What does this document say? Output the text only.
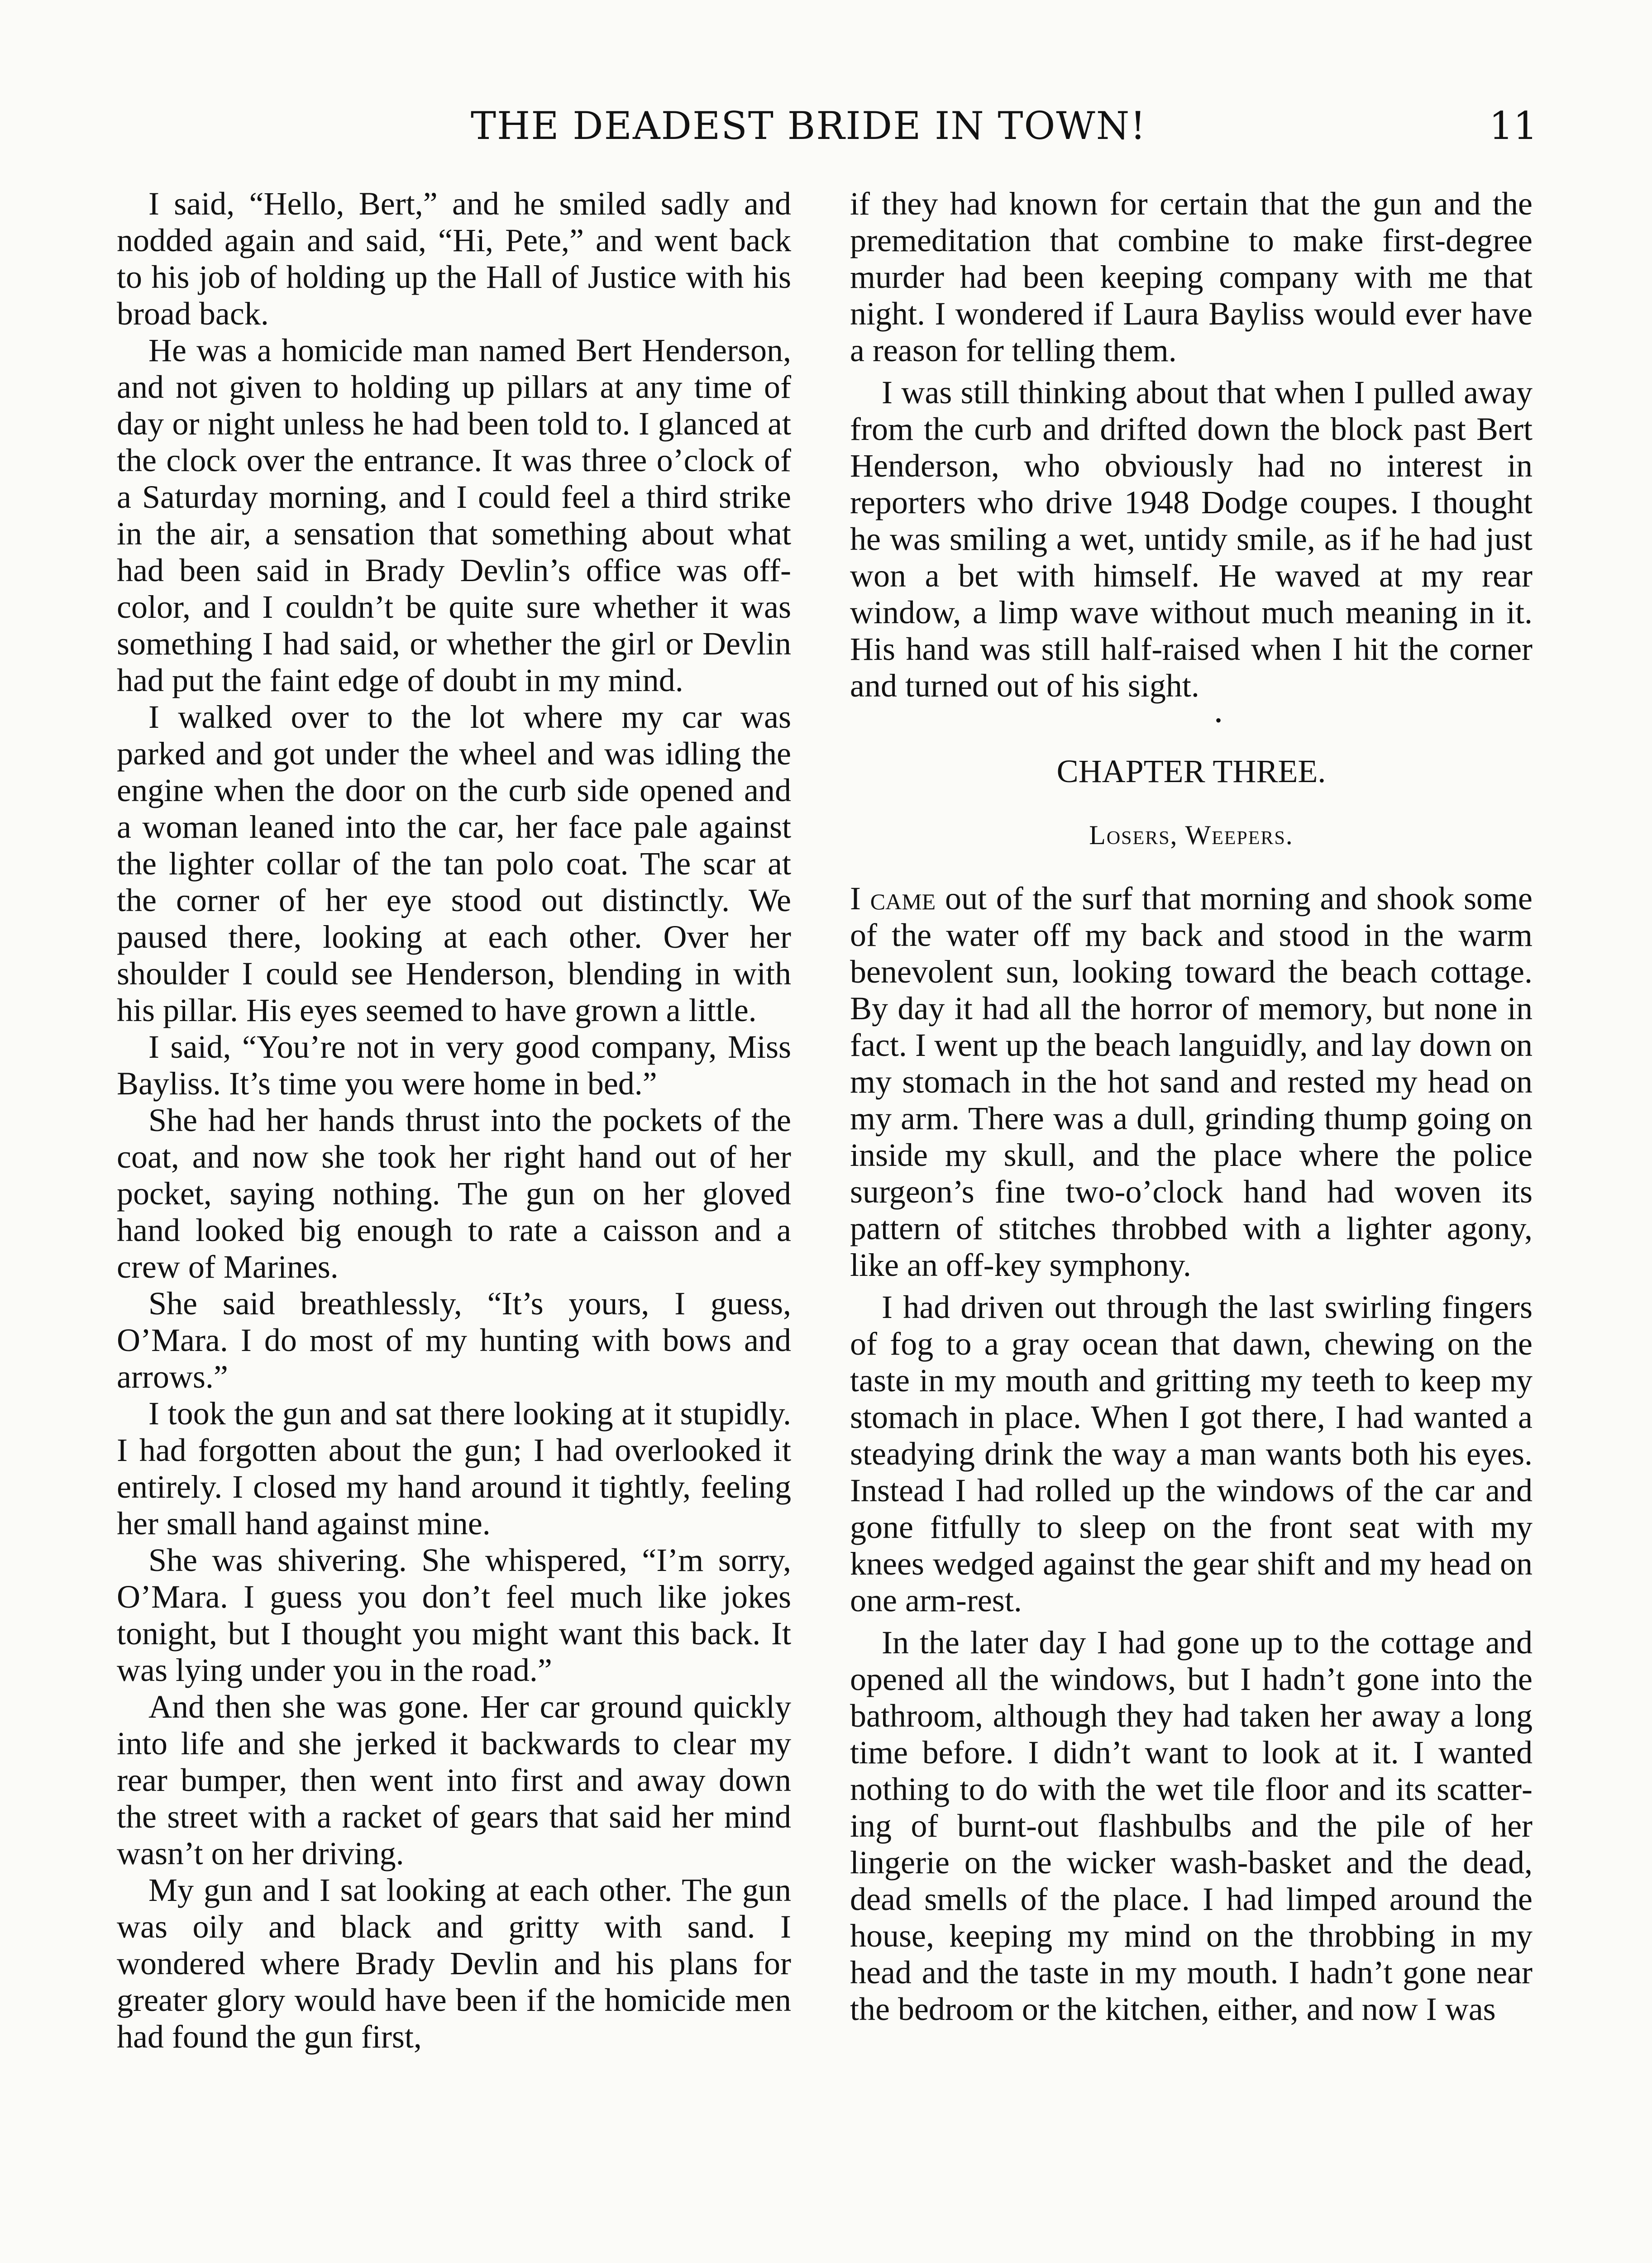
THE DEADEST BRIDE IN TOWN!	11

I said, “Hello, Bert,” and he smiled sadly and nodded again and said, “Hi, Pete,” and went back to his job of holding up the Hall of Justice with his broad back.

He was a homicide man named Bert Henderson, and not given to holding up pillars at any time of day or night unless he had been told to. I glanced at the clock over the entrance. It was three o’clock of a Saturday morning, and I could feel a third strike in the air, a sensation that something about what had been said in Brady Devlin’s office was off-color, and I couldn’t be quite sure whether it was something I had said, or whether the girl or Devlin had put the faint edge of doubt in my mind.

I walked over to the lot where my car was parked and got under the wheel and was idling the engine when the door on the curb side opened and a woman leaned into the car, her face pale against the lighter collar of the tan polo coat. The scar at the corner of her eye stood out distinctly. We paused there, looking at each other. Over her shoulder I could see Henderson, blending in with his pillar. His eyes seemed to have grown a little.

I said, “You’re not in very good company, Miss Bayliss. It’s time you were home in bed.”

She had her hands thrust into the pockets of the coat, and now she took her right hand out of her pocket, saying nothing. The gun on her gloved hand looked big enough to rate a caisson and a crew of Marines.

She said breathlessly, “It’s yours, I guess, O’Mara. I do most of my hunting with bows and arrows.”

I took the gun and sat there looking at it stupidly. I had forgotten about the gun; I had overlooked it entirely. I closed my hand around it tightly, feeling her small hand against mine.

She was shivering. She whispered, “I’m sorry, O’Mara. I guess you don’t feel much like jokes tonight, but I thought you might want this back. It was lying under you in the road.”

And then she was gone. Her car ground quickly into life and she jerked it backwards to clear my rear bumper, then went into first and away down the street with a racket of gears that said her mind wasn’t on her driving.

My gun and I sat looking at each other. The gun was oily and black and gritty with sand. I wondered where Brady Devlin and his plans for greater glory would have been if the homicide men had found the gun first,

if they had known for certain that the gun and the premeditation that combine to make first-degree murder had been keeping company with me that night. I wondered if Laura Bayliss would ever have a reason for telling them.

I was still thinking about that when I pulled away from the curb and drifted down the block past Bert Henderson, who obviously had no interest in reporters who drive 1948 Dodge coupes. I thought he was smiling a wet, untidy smile, as if he had just won a bet with himself. He waved at my rear window, a limp wave without much meaning in it. His hand was still half-raised when I hit the corner and turned out of his sight.

•
CHAPTER THREE.
Losers, Weepers.

I came out of the surf that morning and shook some of the water off my back and stood in the warm benevolent sun, looking toward the beach cottage. By day it had all the horror of memory, but none in fact. I went up the beach languidly, and lay down on my stomach in the hot sand and rested my head on my arm. There was a dull, grinding thump going on inside my skull, and the place where the police surgeon’s fine two-o’clock hand had woven its pattern of stitches throbbed with a lighter agony, like an off-key symphony.

I had driven out through the last swirling fingers of fog to a gray ocean that dawn, chewing on the taste in my mouth and gritting my teeth to keep my stomach in place. When I got there, I had wanted a steadying drink the way a man wants both his eyes. Instead I had rolled up the windows of the car and gone fitfully to sleep on the front seat with my knees wedged against the gear shift and my head on one arm-rest.

In the later day I had gone up to the cottage and opened all the windows, but I hadn’t gone into the bathroom, although they had taken her away a long time before. I didn’t want to look at it. I wanted nothing to do with the wet tile floor and its scattering of burnt-out flashbulbs and the pile of her lingerie on the wicker wash-basket and the dead, dead smells of the place. I had limped around the house, keeping my mind on the throbbing in my head and the taste in my mouth. I hadn’t gone near the bedroom or the kitchen, either, and now I was
